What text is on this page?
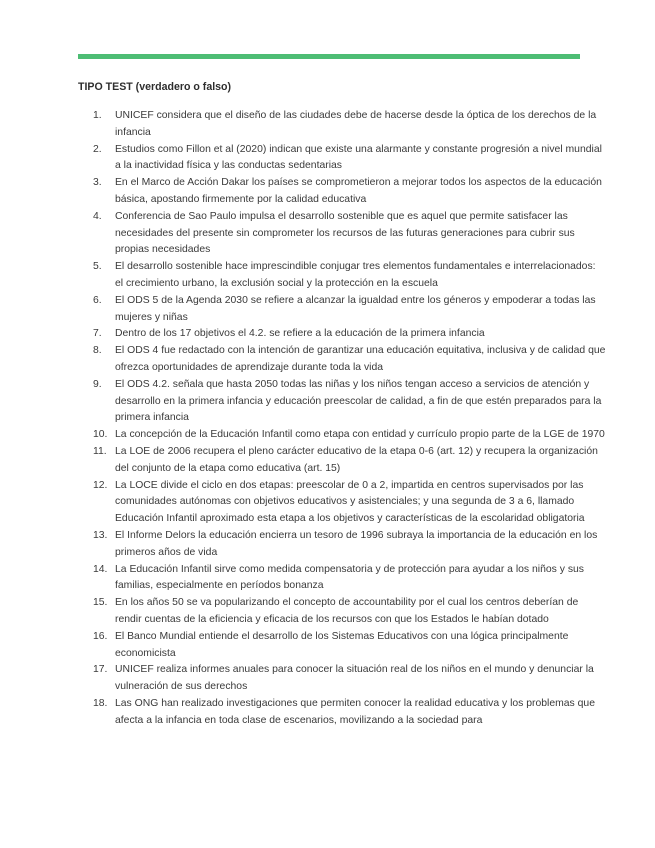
TIPO TEST (verdadero o falso)
1.	UNICEF considera que el diseño de las ciudades debe de hacerse desde la óptica de los derechos de la infancia
2.	Estudios como Fillon et al (2020) indican que existe una alarmante y constante progresión a nivel mundial a la inactividad física y las conductas sedentarias
3.	En el Marco de Acción Dakar los países se comprometieron a mejorar todos los aspectos de la educación básica, apostando firmemente por la calidad educativa
4.	Conferencia de Sao Paulo impulsa el desarrollo sostenible que es aquel que permite satisfacer las necesidades del presente sin comprometer los recursos de las futuras generaciones para cubrir sus propias necesidades
5.	El desarrollo sostenible hace imprescindible conjugar tres elementos fundamentales e interrelacionados: el crecimiento urbano, la exclusión social y la protección en la escuela
6.	El ODS 5 de la Agenda 2030 se refiere a alcanzar la igualdad entre los géneros y empoderar a todas las mujeres y niñas
7.	Dentro de los 17 objetivos el 4.2. se refiere a la educación de la primera infancia
8.	El ODS 4 fue redactado con la intención de garantizar una educación equitativa, inclusiva y de calidad que ofrezca oportunidades de aprendizaje durante toda la vida
9.	El ODS 4.2. señala que hasta 2050 todas las niñas y los niños tengan acceso a servicios de atención y desarrollo en la primera infancia y educación preescolar de calidad, a fin de que estén preparados para la primera infancia
10. La concepción de la Educación Infantil como etapa con entidad y currículo propio parte de la LGE de 1970
11. La LOE de 2006 recupera el pleno carácter educativo de la etapa 0-6 (art. 12) y recupera la organización del conjunto de la etapa como educativa (art. 15)
12. La LOCE divide el ciclo en dos etapas: preescolar de 0 a 2, impartida en centros supervisados por las comunidades autónomas con objetivos educativos y asistenciales; y una segunda de 3 a 6, llamado Educación Infantil aproximado esta etapa a los objetivos y características de la escolaridad obligatoria
13. El Informe Delors la educación encierra un tesoro de 1996 subraya la importancia de la educación en los primeros años de vida
14. La Educación Infantil sirve como medida compensatoria y de protección para ayudar a los niños y sus familias, especialmente en períodos bonanza
15. En los años 50 se va popularizando el concepto de accountability por el cual los centros deberían de rendir cuentas de la eficiencia y eficacia de los recursos con que los Estados le habían dotado
16. El Banco Mundial entiende el desarrollo de los Sistemas Educativos con una lógica principalmente economicista
17. UNICEF realiza informes anuales para conocer la situación real de los niños en el mundo y denunciar la vulneración de sus derechos
18. Las ONG han realizado investigaciones que permiten conocer la realidad educativa y los problemas que afecta a la infancia en toda clase de escenarios, movilizando a la sociedad para
